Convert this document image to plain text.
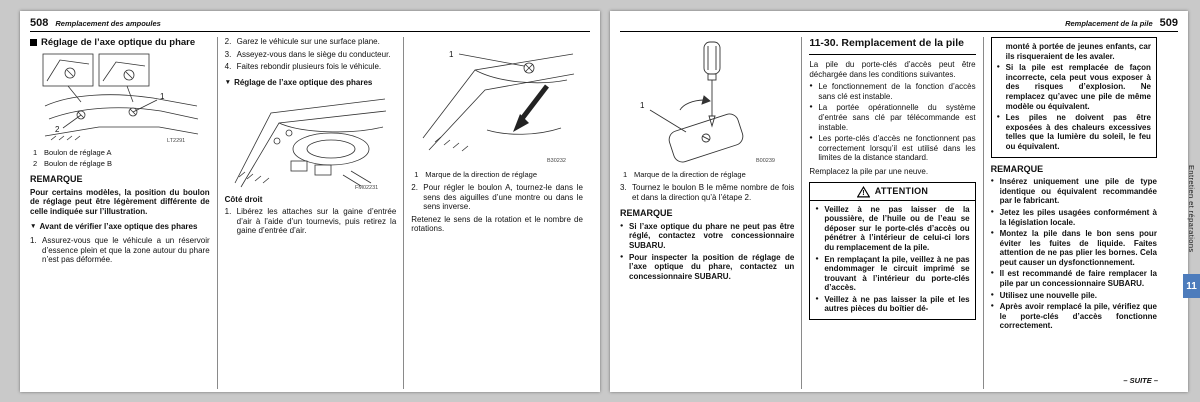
508 Remplacement des ampoules
Réglage de l’axe optique du phare
1
2
LT2291
1 Boulon de réglage A
2 Boulon de réglage B
REMARQUE
Pour certains modèles, la position du boulon de réglage peut être légèrement différente de celle indiquée sur l’illustration.
▼ Avant de vérifier l’axe optique des phares
1. Assurez-vous que le véhicule a un réservoir d’essence plein et que la zone autour du phare n’est pas déformée.
2. Garez le véhicule sur une surface plane.
3. Asseyez-vous dans le siège du conducteur.
4. Faites rebondir plusieurs fois le véhicule.
▼ Réglage de l’axe optique des phares
FM02231
Côté droit
1. Libérez les attaches sur la gaine d’entrée d’air à l’aide d’un tournevis, puis retirez la gaine d’entrée d’air.
1
B30232
1 Marque de la direction de réglage
2. Pour régler le boulon A, tournez-le dans le sens des aiguilles d’une montre ou dans le sens inverse.
Retenez le sens de la rotation et le nombre de rotations.
Remplacement de la pile 509
1
B00239
1 Marque de la direction de réglage
3. Tournez le boulon B le même nombre de fois et dans la direction qu’à l’étape 2.
REMARQUE
● Si l’axe optique du phare ne peut pas être réglé, contactez votre concessionnaire SUBARU.
● Pour inspecter la position de réglage de l’axe optique du phare, contactez un concessionnaire SUBARU.
11-30. Remplacement de la pile
La pile du porte-clés d’accès peut être déchargée dans les conditions suivantes.
● Le fonctionnement de la fonction d’accès sans clé est instable.
● La portée opérationnelle du système d’entrée sans clé par télécommande est instable.
● Les porte-clés d’accès ne fonctionnent pas correctement lorsqu’il est utilisé dans les limites de la distance standard.
Remplacez la pile par une neuve.
! ATTENTION
● Veillez à ne pas laisser de la poussière, de l’huile ou de l’eau se déposer sur le porte-clés d’accès ou pénétrer à l’intérieur de celui-ci lors du remplacement de la pile.
● En remplaçant la pile, veillez à ne pas endommager le circuit imprimé se trouvant à l’intérieur du porte-clés d’accès.
● Veillez à ne pas laisser la pile et les autres pièces du boîtier dé-
monté à portée de jeunes enfants, car ils risqueraient de les avaler.
● Si la pile est remplacée de façon incorrecte, cela peut vous exposer à des risques d’explosion. Ne remplacez qu’avec une pile de même modèle ou équivalent.
● Les piles ne doivent pas être exposées à des chaleurs excessives telles que la lumière du soleil, le feu ou équivalent.
REMARQUE
● Insérez uniquement une pile de type identique ou équivalent recommandée par le fabricant.
● Jetez les piles usagées conformément à la législation locale.
● Montez la pile dans le bon sens pour éviter les fuites de liquide. Faites attention de ne pas plier les bornes. Cela peut causer un dysfonctionnement.
● Il est recommandé de faire remplacer la pile par un concessionnaire SUBARU.
● Utilisez une nouvelle pile.
● Après avoir remplacé la pile, vérifiez que le porte-clés d’accès fonctionne correctement.
– SUITE –
Entretien et réparations
11
